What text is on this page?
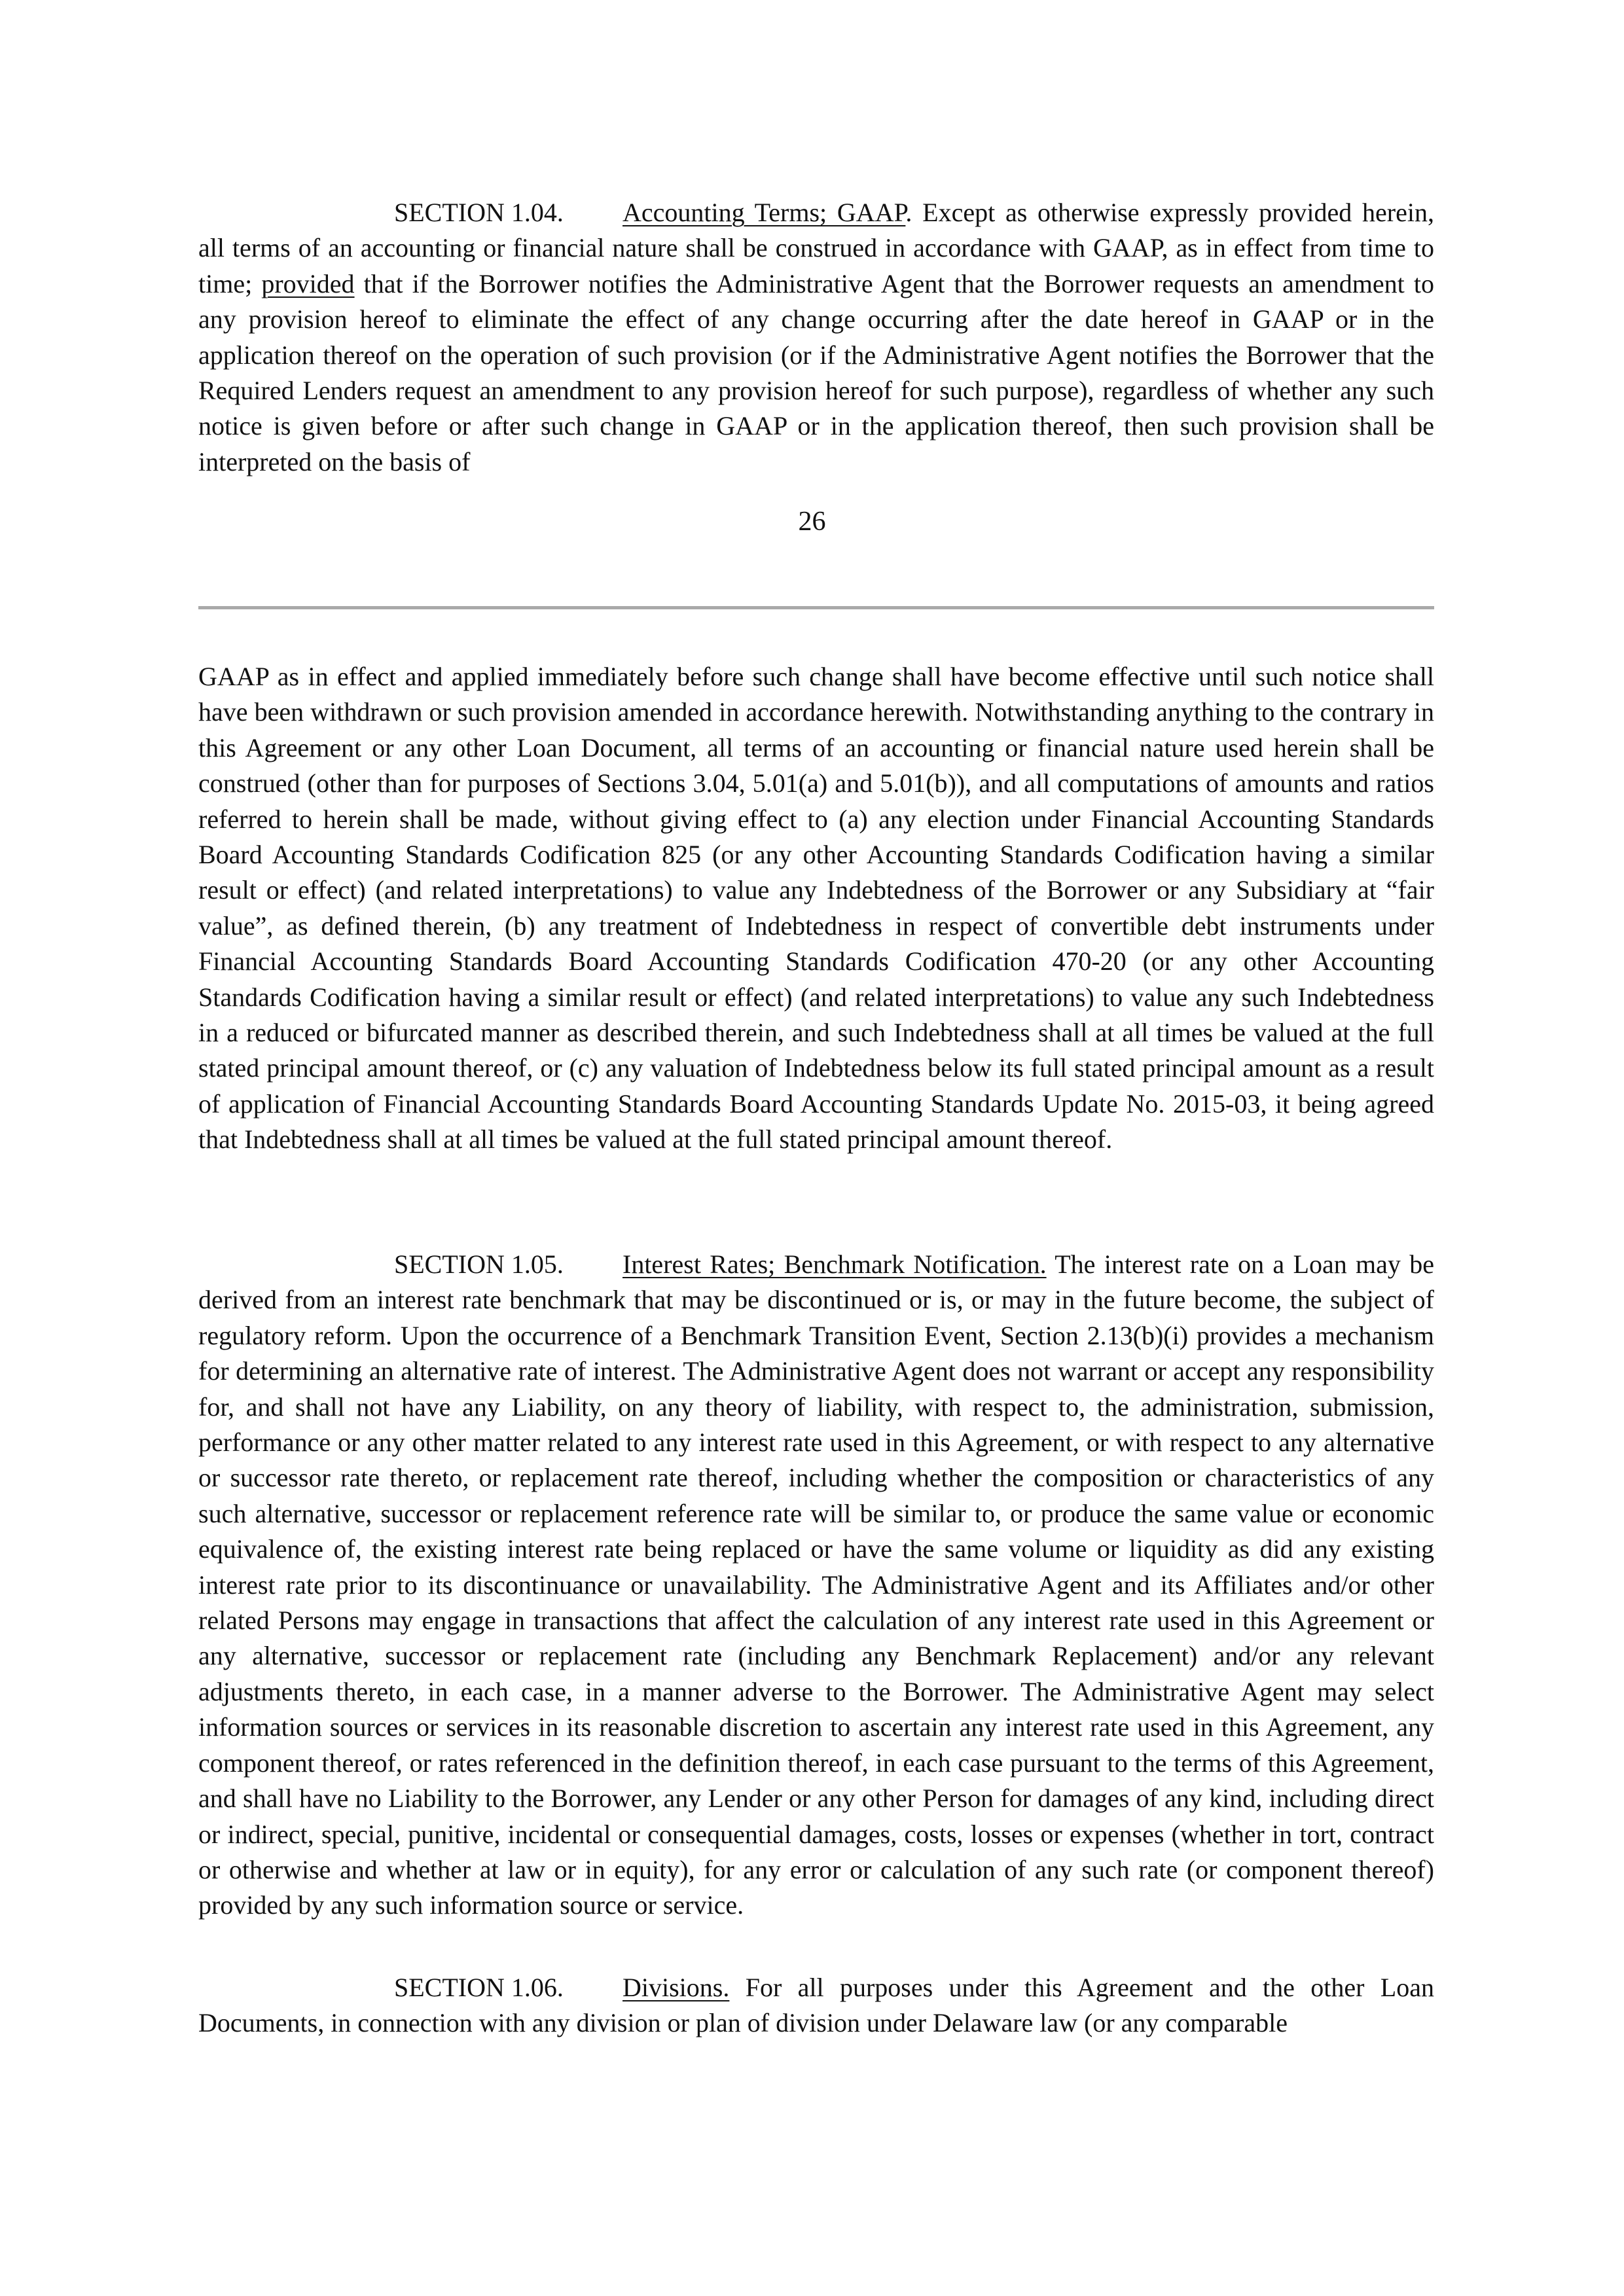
SECTION 1.04. Accounting Terms; GAAP. Except as otherwise expressly provided herein, all terms of an accounting or financial nature shall be construed in accordance with GAAP, as in effect from time to time; provided that if the Borrower notifies the Administrative Agent that the Borrower requests an amendment to any provision hereof to eliminate the effect of any change occurring after the date hereof in GAAP or in the application thereof on the operation of such provision (or if the Administrative Agent notifies the Borrower that the Required Lenders request an amendment to any provision hereof for such purpose), regardless of whether any such notice is given before or after such change in GAAP or in the application thereof, then such provision shall be interpreted on the basis of

26

GAAP as in effect and applied immediately before such change shall have become effective until such notice shall have been withdrawn or such provision amended in accordance herewith. Notwithstanding anything to the contrary in this Agreement or any other Loan Document, all terms of an accounting or financial nature used herein shall be construed (other than for purposes of Sections 3.04, 5.01(a) and 5.01(b)), and all computations of amounts and ratios referred to herein shall be made, without giving effect to (a) any election under Financial Accounting Standards Board Accounting Standards Codification 825 (or any other Accounting Standards Codification having a similar result or effect) (and related interpretations) to value any Indebtedness of the Borrower or any Subsidiary at “fair value”, as defined therein, (b) any treatment of Indebtedness in respect of convertible debt instruments under Financial Accounting Standards Board Accounting Standards Codification 470-20 (or any other Accounting Standards Codification having a similar result or effect) (and related interpretations) to value any such Indebtedness in a reduced or bifurcated manner as described therein, and such Indebtedness shall at all times be valued at the full stated principal amount thereof, or (c) any valuation of Indebtedness below its full stated principal amount as a result of application of Financial Accounting Standards Board Accounting Standards Update No. 2015-03, it being agreed that Indebtedness shall at all times be valued at the full stated principal amount thereof.

SECTION 1.05. Interest Rates; Benchmark Notification. The interest rate on a Loan may be derived from an interest rate benchmark that may be discontinued or is, or may in the future become, the subject of regulatory reform. Upon the occurrence of a Benchmark Transition Event, Section 2.13(b)(i) provides a mechanism for determining an alternative rate of interest. The Administrative Agent does not warrant or accept any responsibility for, and shall not have any Liability, on any theory of liability, with respect to, the administration, submission, performance or any other matter related to any interest rate used in this Agreement, or with respect to any alternative or successor rate thereto, or replacement rate thereof, including whether the composition or characteristics of any such alternative, successor or replacement reference rate will be similar to, or produce the same value or economic equivalence of, the existing interest rate being replaced or have the same volume or liquidity as did any existing interest rate prior to its discontinuance or unavailability. The Administrative Agent and its Affiliates and/or other related Persons may engage in transactions that affect the calculation of any interest rate used in this Agreement or any alternative, successor or replacement rate (including any Benchmark Replacement) and/or any relevant adjustments thereto, in each case, in a manner adverse to the Borrower. The Administrative Agent may select information sources or services in its reasonable discretion to ascertain any interest rate used in this Agreement, any component thereof, or rates referenced in the definition thereof, in each case pursuant to the terms of this Agreement, and shall have no Liability to the Borrower, any Lender or any other Person for damages of any kind, including direct or indirect, special, punitive, incidental or consequential damages, costs, losses or expenses (whether in tort, contract or otherwise and whether at law or in equity), for any error or calculation of any such rate (or component thereof) provided by any such information source or service.

SECTION 1.06. Divisions. For all purposes under this Agreement and the other Loan Documents, in connection with any division or plan of division under Delaware law (or any comparable
